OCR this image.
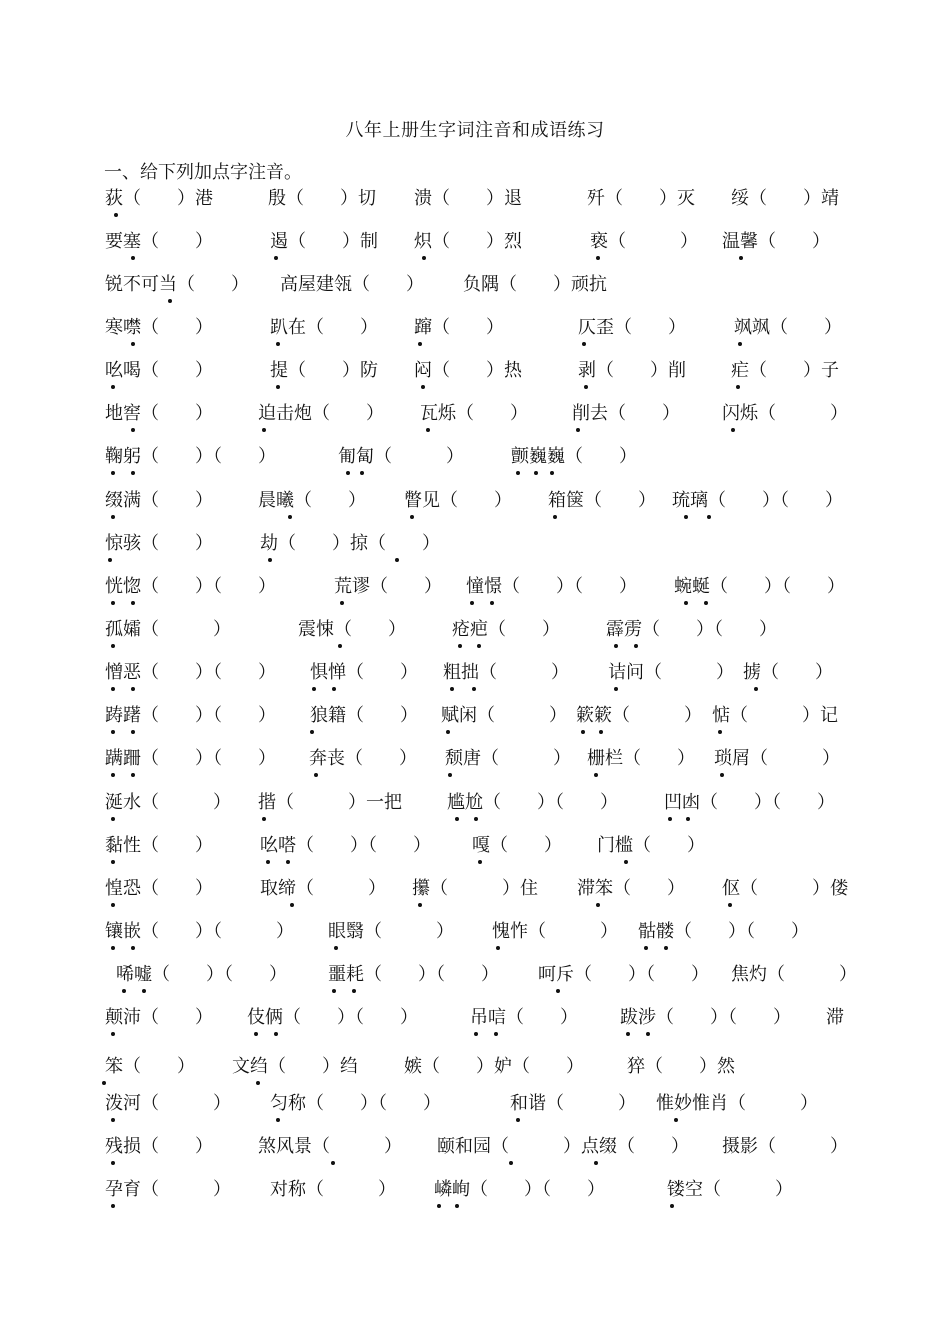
八年上册生字词注音和成语练习
一、给下列加点字注音。
荻（　　）港	殷（　　）切 溃（　　）退	歼（　　）灭 绥（　　）靖
要塞（　　）	遏（　　）制 炽（　　）烈	亵（　　　） 温馨（　　）
锐不可当（　　） 高屋建瓴（　　） 负隅（　　）顽抗
寒噤（　　）	趴在（　　） 蹿（　　）	仄歪（　　）	飒飒（　　）
吆喝（　　）	提（　　）防 闷（　　）热	剥（　　）削	疟（　　）子
地窖（　　）	迫击炮（　　） 瓦烁（　　） 削去（　　） 闪烁（　　　）
鞠躬（　　）（　　）	匍匐（　　　）	颤巍巍（　　）
缀满（　　）	晨曦（　　） 瞥见（　　） 箱箧（　　） 琉璃（　　）（　　）
惊骇（　　）	劫（　　）掠（　　）
恍惚（　　）（　　）	荒谬（　　） 憧憬（　　）（　　） 蜿蜒（　　）（　　）
孤孀（　　　）	震悚（　　）	疮疤（　　）	霹雳（　　）（　　）
憎恶（　　）（　　） 惧惮（　　） 粗拙（　　　） 诘问（　　　） 掳（　　）
踌躇（　　）（　　） 狼籍（　　） 赋闲（　　　） 簌簌（　　　） 惦（　　　）记
蹒跚（　　）（　　） 奔丧（　　） 颓唐（　　　） 栅栏（　　） 琐屑（　　　）
涎水（　　　） 揩（　　　）一把	尴尬（　　）（　　）	凹凼（　　）（　　）
黏性（　　）	吆嗒（　　）（　　） 嘎（　　） 门槛（　　）
惶恐（　　）	取缔（　　　） 攥（　　　）住 滞笨（　　） 伛（　　　）偻
镶嵌（　　）（　　　） 眼翳（　　　） 愧怍（　　　） 骷髅（　　）（　　）
唏嘘（　　）（　　） 噩耗（　　）（　　） 呵斥（　　）（　　） 焦灼（　　　）
颠沛（　　） 伎俩（　　）（　　）	吊唁（　　） 跋涉（　　）（　　） 滞
笨（　　） 文绉（　　）绉	嫉（　　）妒（　　） 猝（　　）然
泼河（　　　） 匀称（　　）（　　）	和谐（　　　） 惟妙惟肖（　　　）
残损（　　）	煞风景（　　　） 颐和园（　　　）点缀（　　） 摄影（　　　）
孕育（　　　） 对称（　　　） 嶙峋（　　）（　　）	镂空（　　　）
